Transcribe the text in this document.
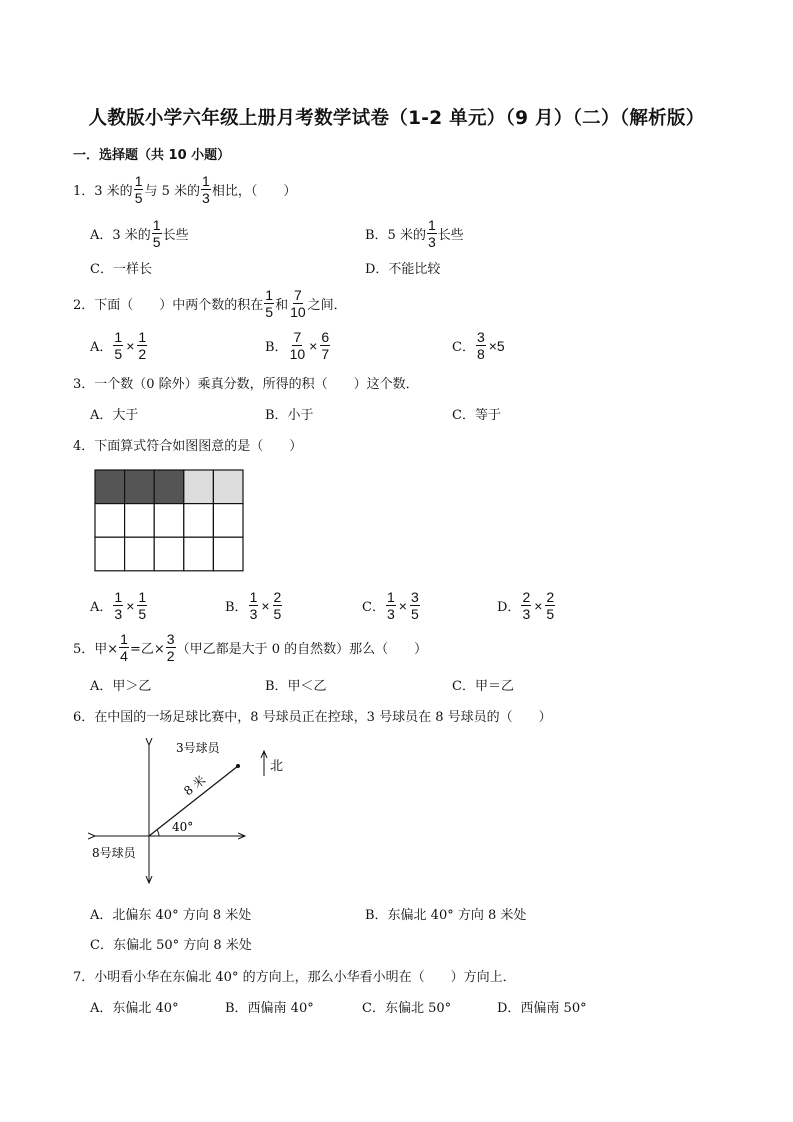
人教版小学六年级上册月考数学试卷（1-2 单元）（9 月）（二）（解析版）
一．选择题（共 10 小题）
1．3 米的 $\frac{1}{5}$ 与 5 米的 $\frac{1}{3}$ 相比，（　　）
A．3 米的 $\frac{1}{5}$ 长些	B．5 米的 $\frac{1}{3}$ 长些
C．一样长	D．不能比较
2．下面（　　）中两个数的积在 $\frac{1}{5}$ 和 $\frac{7}{10}$ 之间．
A． $\frac{1}{5} \times \frac{1}{2}$	B． $\frac{7}{10} \times \frac{6}{7}$	C． $\frac{3}{8} \times 5$
3．一个数（0 除外）乘真分数，所得的积（　　）这个数．
A．大于	B．小于	C．等于
4．下面算式符合如图图意的是（　　）
A． $\frac{1}{3} \times \frac{1}{5}$	B． $\frac{1}{3} \times \frac{2}{5}$	C． $\frac{1}{3} \times \frac{3}{5}$	D． $\frac{2}{3} \times \frac{2}{5}$
5．甲× $\frac{1}{4}$ =乙× $\frac{3}{2}$ （甲乙都是大于 0 的自然数）那么（　　）
A．甲＞乙	B．甲＜乙	C．甲＝乙
6．在中国的一场足球比赛中，8 号球员正在控球，3 号球员在 8 号球员的（　　）
40°
8 米
3号球员
8号球员
北
A．北偏东 40° 方向 8 米处	B．东偏北 40° 方向 8 米处
C．东偏北 50° 方向 8 米处
7．小明看小华在东偏北 40° 的方向上，那么小华看小明在（　　）方向上．
A．东偏北 40°	B．西偏南 40°	C．东偏北 50°	D．西偏南 50°
